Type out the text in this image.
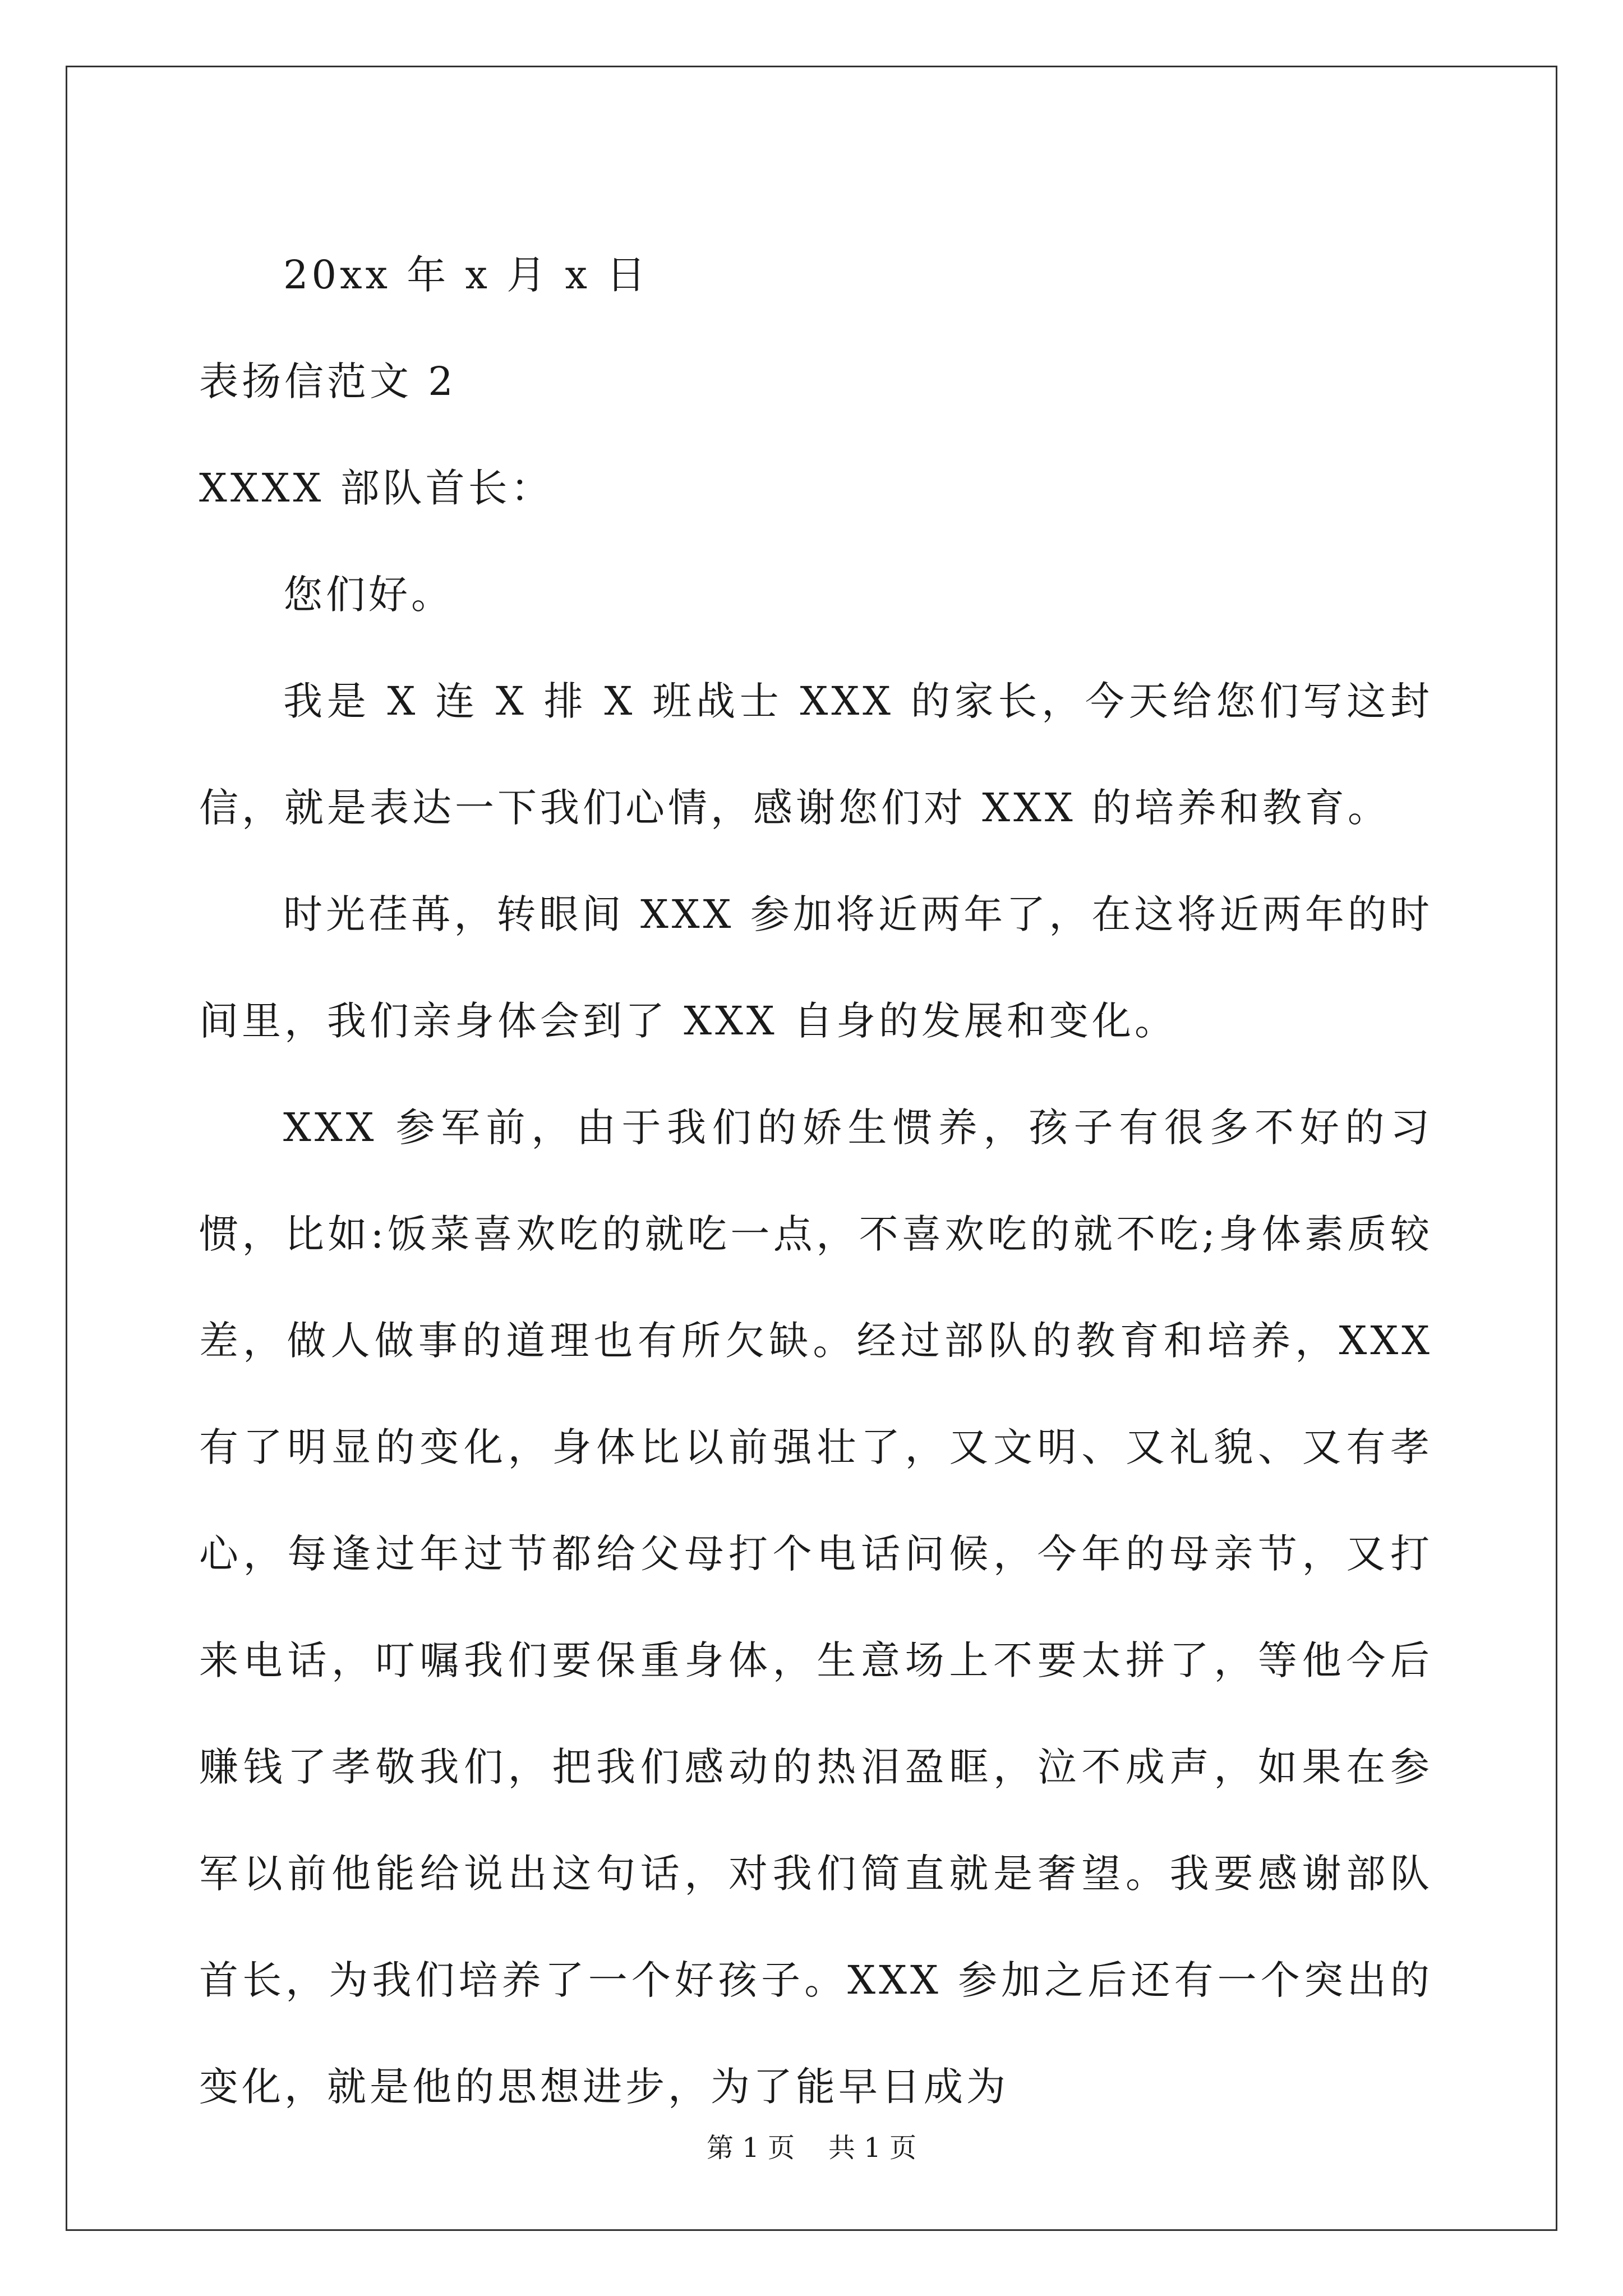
20xx 年 x 月 x 日
表扬信范文 2
XXXX 部队首长：
您们好。

我是 X 连 X 排 X 班战士 XXX 的家长，今天给您们写这封信，就是表达一下我们心情，感谢您们对 XXX 的培养和教育。

时光荏苒，转眼间 XXX 参加将近两年了，在这将近两年的时间里，我们亲身体会到了 XXX 自身的发展和变化。

XXX 参军前，由于我们的娇生惯养，孩子有很多不好的习惯，比如:饭菜喜欢吃的就吃一点，不喜欢吃的就不吃;身体素质较差，做人做事的道理也有所欠缺。经过部队的教育和培养，XXX 有了明显的变化，身体比以前强壮了，又文明、又礼貌、又有孝心，每逢过年过节都给父母打个电话问候，今年的母亲节，又打来电话，叮嘱我们要保重身体，生意场上不要太拼了，等他今后赚钱了孝敬我们，把我们感动的热泪盈眶，泣不成声，如果在参军以前他能给说出这句话，对我们简直就是奢望。我要感谢部队首长，为我们培养了一个好孩子。XXX 参加之后还有一个突出的变化，就是他的思想进步，为了能早日成为

第 1 页 共 1 页
